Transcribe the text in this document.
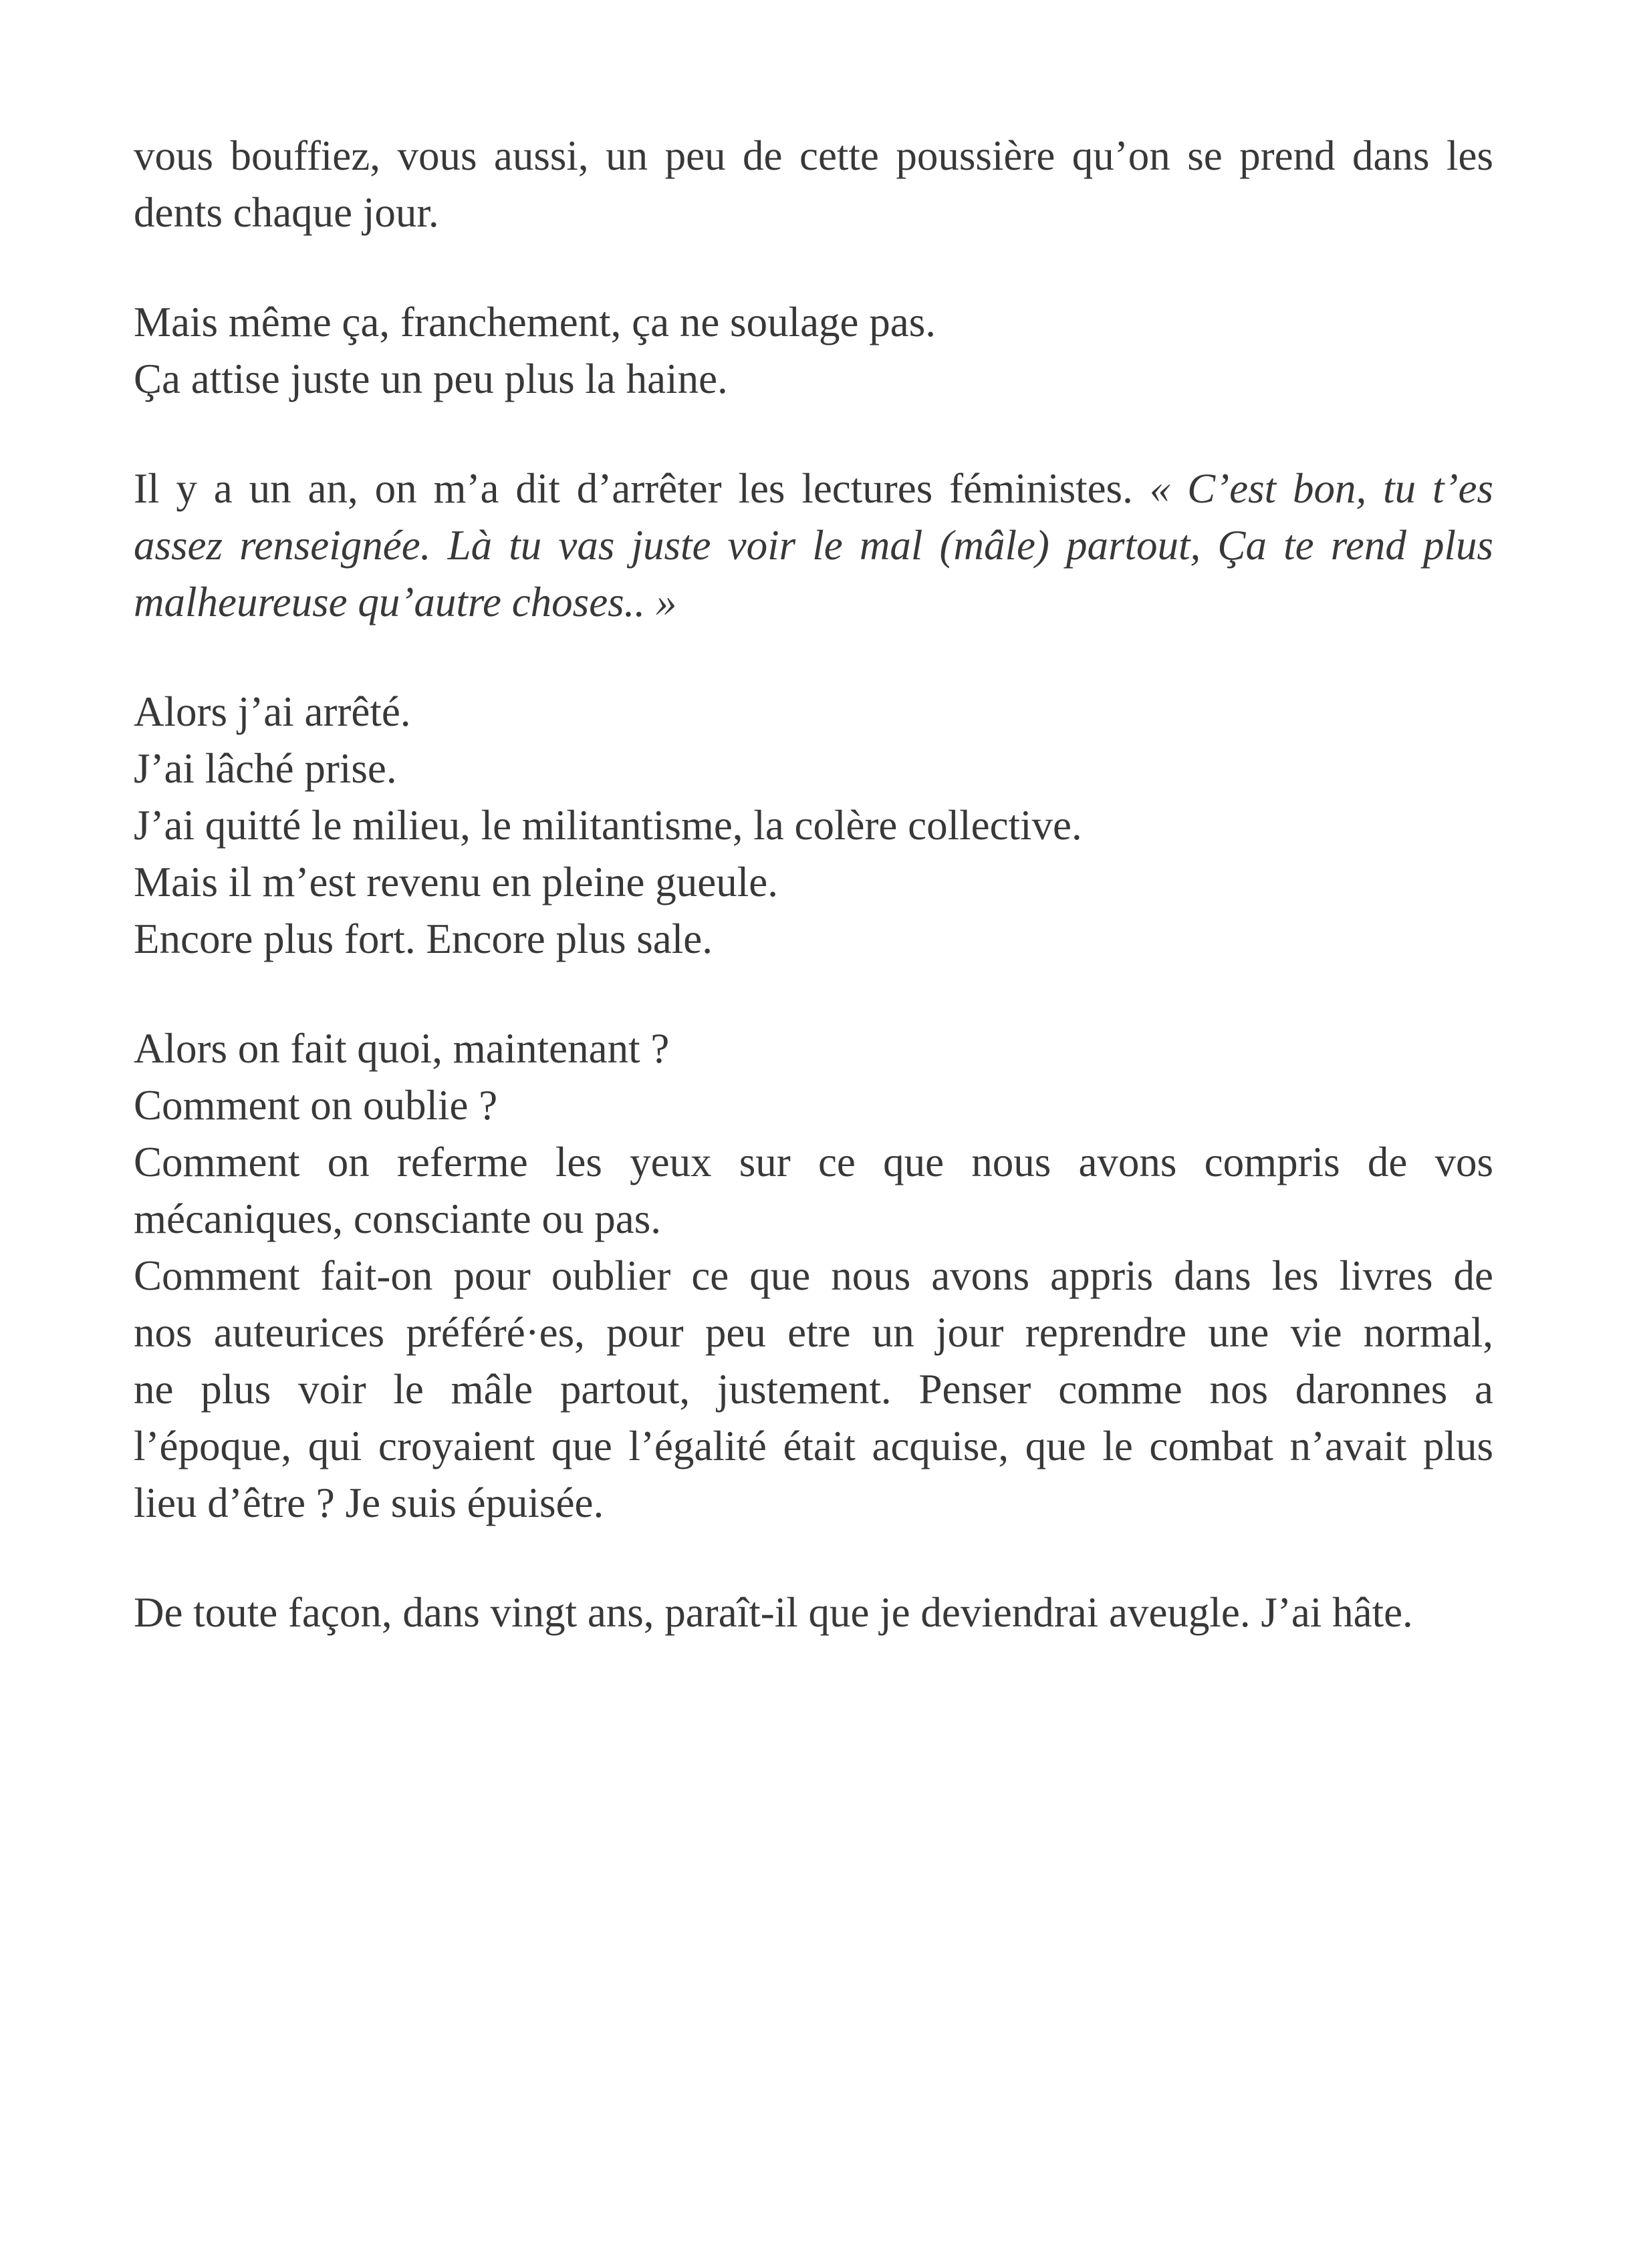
vous bouffiez, vous aussi, un peu de cette poussière qu’on se prend dans les
dents chaque jour.
Mais même ça, franchement, ça ne soulage pas.
Ça attise juste un peu plus la haine.
Il y a un an, on m’a dit d’arrêter les lectures féministes. « C’est bon, tu t’es
assez renseignée. Là tu vas juste voir le mal (mâle) partout, Ça te rend plus
malheureuse qu’autre choses.. »
Alors j’ai arrêté.
J’ai lâché prise.
J’ai quitté le milieu, le militantisme, la colère collective.
Mais il m’est revenu en pleine gueule.
Encore plus fort. Encore plus sale.
Alors on fait quoi, maintenant ?
Comment on oublie ?
Comment on referme les yeux sur ce que nous avons compris de vos
mécaniques, consciante ou pas.
Comment fait-on pour oublier ce que nous avons appris dans les livres de
nos auteurices préféré·es, pour peu etre un jour reprendre une vie normal,
ne plus voir le mâle partout, justement. Penser comme nos daronnes a
l’époque, qui croyaient que l’égalité était acquise, que le combat n’avait plus
lieu d’être ? Je suis épuisée.
De toute façon, dans vingt ans, paraît-il que je deviendrai aveugle. J’ai hâte.
